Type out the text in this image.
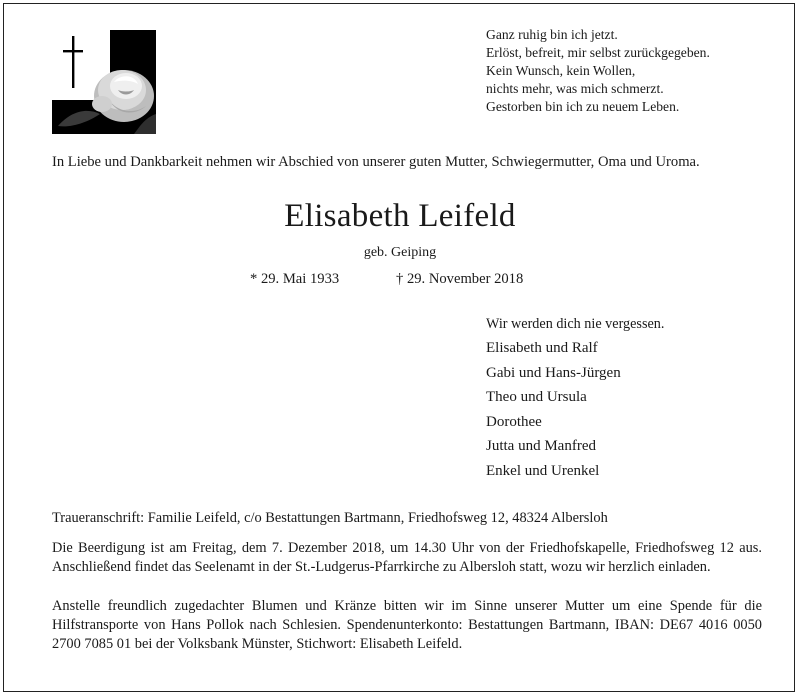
Ganz ruhig bin ich jetzt.
Erlöst, befreit, mir selbst zurückgegeben.
Kein Wunsch, kein Wollen,
nichts mehr, was mich schmerzt.
Gestorben bin ich zu neuem Leben.
In Liebe und Dankbarkeit nehmen wir Abschied von unserer guten Mutter, Schwiegermutter, Oma und Uroma.
Elisabeth Leifeld
geb. Geiping
* 29. Mai 1933	† 29. November 2018
Wir werden dich nie vergessen.
Elisabeth und Ralf
Gabi und Hans-Jürgen
Theo und Ursula
Dorothee
Jutta und Manfred
Enkel und Urenkel
Traueranschrift: Familie Leifeld, c/o Bestattungen Bartmann, Friedhofsweg 12, 48324 Albersloh
Die Beerdigung ist am Freitag, dem 7. Dezember 2018, um 14.30 Uhr von der Friedhofskapelle, Friedhofsweg 12 aus. Anschließend findet das Seelenamt in der St.-Ludgerus-Pfarrkirche zu Albersloh statt, wozu wir herzlich einladen.
Anstelle freundlich zugedachter Blumen und Kränze bitten wir im Sinne unserer Mutter um eine Spende für die Hilfstransporte von Hans Pollok nach Schlesien. Spendenunterkonto: Bestattungen Bartmann, IBAN: DE67 4016 0050 2700 7085 01 bei der Volksbank Münster, Stichwort: Elisabeth Leifeld.
